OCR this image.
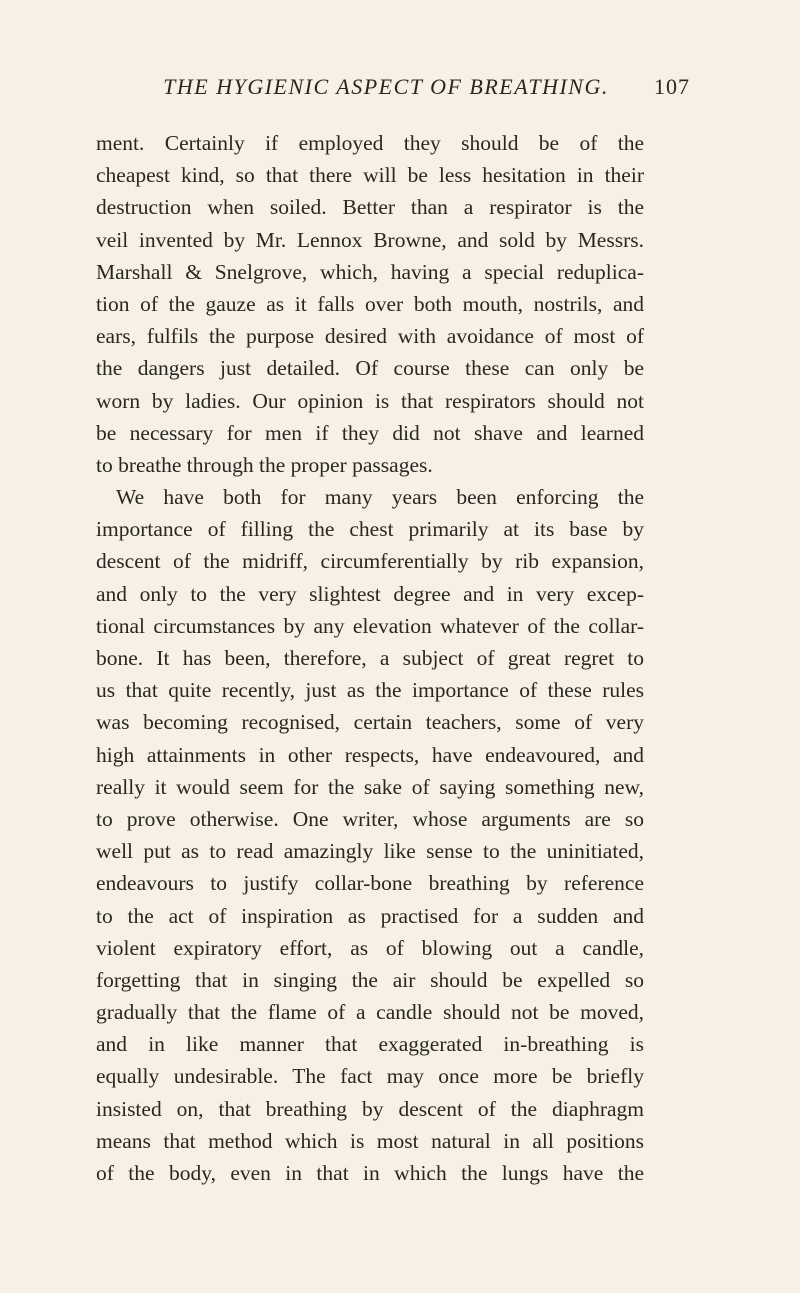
THE HYGIENIC ASPECT OF BREATHING.	107
ment. Certainly if employed they should be of the
cheapest kind, so that there will be less hesitation in their
destruction when soiled. Better than a respirator is the
veil invented by Mr. Lennox Browne, and sold by Messrs.
Marshall & Snelgrove, which, having a special reduplica-
tion of the gauze as it falls over both mouth, nostrils, and
ears, fulfils the purpose desired with avoidance of most of
the dangers just detailed. Of course these can only be
worn by ladies. Our opinion is that respirators should not
be necessary for men if they did not shave and learned
to breathe through the proper passages.
We have both for many years been enforcing the
importance of filling the chest primarily at its base by
descent of the midriff, circumferentially by rib expansion,
and only to the very slightest degree and in very excep-
tional circumstances by any elevation whatever of the collar-
bone. It has been, therefore, a subject of great regret to
us that quite recently, just as the importance of these rules
was becoming recognised, certain teachers, some of very
high attainments in other respects, have endeavoured, and
really it would seem for the sake of saying something new,
to prove otherwise. One writer, whose arguments are so
well put as to read amazingly like sense to the uninitiated,
endeavours to justify collar-bone breathing by reference
to the act of inspiration as practised for a sudden and
violent expiratory effort, as of blowing out a candle,
forgetting that in singing the air should be expelled so
gradually that the flame of a candle should not be moved,
and in like manner that exaggerated in-breathing is
equally undesirable. The fact may once more be briefly
insisted on, that breathing by descent of the diaphragm
means that method which is most natural in all positions
of the body, even in that in which the lungs have the
